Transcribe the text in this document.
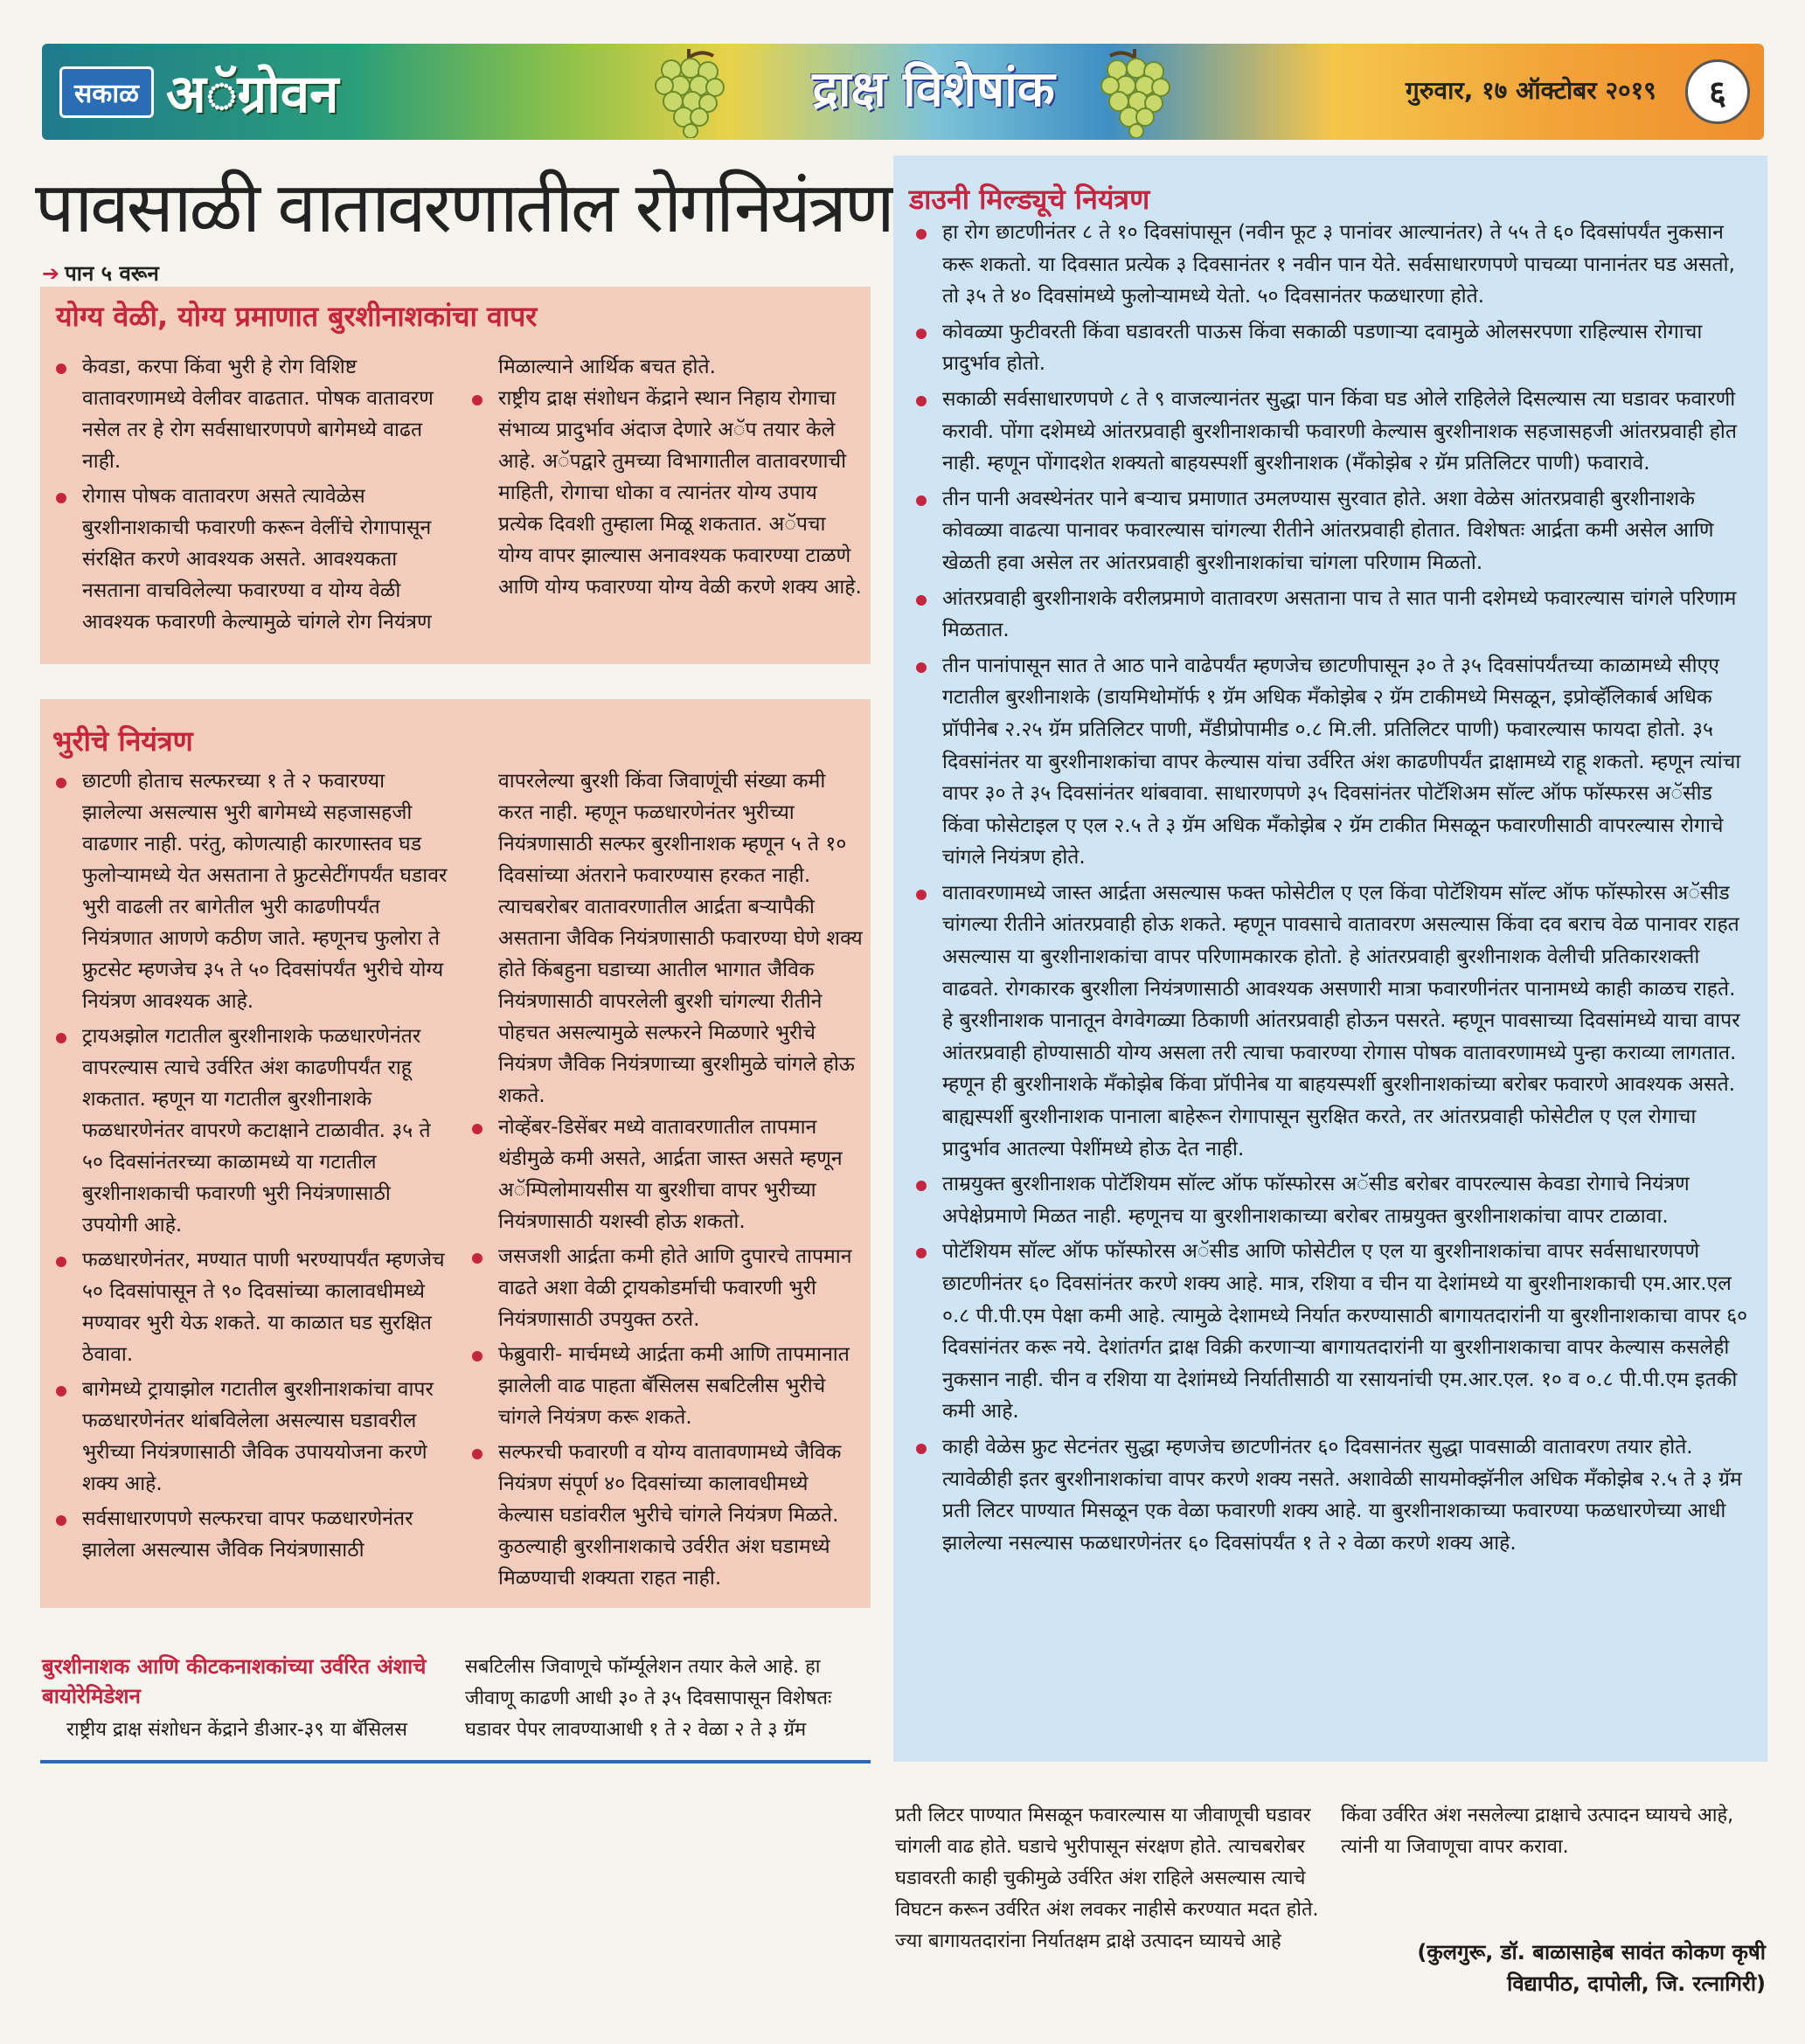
सकाळ अॅग्रोवन	द्राक्ष विशेषांक	गुरुवार, १७ ऑक्टोबर २०१९	६
पावसाळी वातावरणातील रोगनियंत्रण
➔ पान ५ वरून
योग्य वेळी, योग्य प्रमाणात बुरशीनाशकांचा वापर
केवडा, करपा किंवा भुरी हे रोग विशिष्ट वातावरणामध्ये वेलीवर वाढतात. पोषक वातावरण नसेल तर हे रोग सर्वसाधारणपणे बागेमध्ये वाढत नाही.
रोगास पोषक वातावरण असते त्यावेळेस बुरशीनाशकाची फवारणी करून वेलींचे रोगापासून संरक्षित करणे आवश्यक असते. आवश्यकता नसताना वाचविलेल्या फवारण्या व योग्य वेळी आवश्यक फवारणी केल्यामुळे चांगले रोग नियंत्रण

मिळाल्याने आर्थिक बचत होते.

राष्ट्रीय द्राक्ष संशोधन केंद्राने स्थान निहाय रोगाचा संभाव्य प्रादुर्भाव अंदाज देणारे अॅप तयार केले आहे. अॅपद्वारे तुमच्या विभागातील वातावरणाची माहिती, रोगाचा धोका व त्यानंतर योग्य उपाय प्रत्येक दिवशी तुम्हाला मिळू शकतात. अॅपचा योग्य वापर झाल्यास अनावश्यक फवारण्या टाळणे आणि योग्य फवारण्या योग्य वेळी करणे शक्य आहे.
भुरीचे नियंत्रण
छाटणी होताच सल्फरच्या १ ते २ फवारण्या झालेल्या असल्यास भुरी बागेमध्ये सहजासहजी वाढणार नाही. परंतु, कोणत्याही कारणास्तव घड फुलोऱ्यामध्ये येत असताना ते फ्रुटसेटींगपर्यंत घडावर भुरी वाढली तर बागेतील भुरी काढणीपर्यंत नियंत्रणात आणणे कठीण जाते. म्हणूनच फुलोरा ते फ्रुटसेट म्हणजेच ३५ ते ५० दिवसांपर्यंत भुरीचे योग्य नियंत्रण आवश्यक आहे.
ट्रायअझोल गटातील बुरशीनाशके फळधारणेनंतर वापरल्यास त्याचे उर्वरित अंश काढणीपर्यंत राहू शकतात. म्हणून या गटातील बुरशीनाशके फळधारणेनंतर वापरणे कटाक्षाने टाळावीत. ३५ ते ५० दिवसांनंतरच्या काळामध्ये या गटातील बुरशीनाशकाची फवारणी भुरी नियंत्रणासाठी उपयोगी आहे.
फळधारणेनंतर, मण्यात पाणी भरण्यापर्यंत म्हणजेच ५० दिवसांपासून ते ९० दिवसांच्या कालावधीमध्ये मण्यावर भुरी येऊ शकते. या काळात घड सुरक्षित ठेवावा.
बागेमध्ये ट्रायाझोल गटातील बुरशीनाशकांचा वापर फळधारणेनंतर थांबविलेला असल्यास घडावरील भुरीच्या नियंत्रणासाठी जैविक उपाययोजना करणे शक्य आहे.
सर्वसाधारणपणे सल्फरचा वापर फळधारणेनंतर झालेला असल्यास जैविक नियंत्रणासाठी

वापरलेल्या बुरशी किंवा जिवाणूंची संख्या कमी करत नाही. म्हणून फळधारणेनंतर भुरीच्या नियंत्रणासाठी सल्फर बुरशीनाशक म्हणून ५ ते १० दिवसांच्या अंतराने फवारण्यास हरकत नाही. त्याचबरोबर वातावरणातील आर्द्रता बऱ्यापैकी असताना जैविक नियंत्रणासाठी फवारण्या घेणे शक्य होते किंबहुना घडाच्या आतील भागात जैविक नियंत्रणासाठी वापरलेली बुरशी चांगल्या रीतीने पोहचत असल्यामुळे सल्फरने मिळणारे भुरीचे नियंत्रण जैविक नियंत्रणाच्या बुरशीमुळे चांगले होऊ शकते.

नोव्हेंबर-डिसेंबर मध्ये वातावरणातील तापमान थंडीमुळे कमी असते, आर्द्रता जास्त असते म्हणून अॅम्पिलोमायसीस या बुरशीचा वापर भुरीच्या नियंत्रणासाठी यशस्वी होऊ शकतो.
जसजशी आर्द्रता कमी होते आणि दुपारचे तापमान वाढते अशा वेळी ट्रायकोडर्माची फवारणी भुरी नियंत्रणासाठी उपयुक्त ठरते.
फेब्रुवारी- मार्चमध्ये आर्द्रता कमी आणि तापमानात झालेली वाढ पाहता बॅसिलस सबटिलीस भुरीचे चांगले नियंत्रण करू शकते.
सल्फरची फवारणी व योग्य वातावणामध्ये जैविक नियंत्रण संपूर्ण ४० दिवसांच्या कालावधीमध्ये केल्यास घडांवरील भुरीचे चांगले नियंत्रण मिळते. कुठल्याही बुरशीनाशकाचे उर्वरीत अंश घडामध्ये मिळण्याची शक्यता राहत नाही.
बुरशीनाशक आणि कीटकनाशकांच्या उर्वरित अंशाचे बायोरेमिडेशन
राष्ट्रीय द्राक्ष संशोधन केंद्राने डीआर-३९ या बॅसिलस
सबटिलीस जिवाणूचे फॉर्म्यूलेशन तयार केले आहे. हा जीवाणू काढणी आधी ३० ते ३५ दिवसापासून विशेषतः घडावर पेपर लावण्याआधी १ ते २ वेळा २ ते ३ ग्रॅम
प्रती लिटर पाण्यात मिसळून फवारल्यास या जीवाणूची घडावर चांगली वाढ होते. घडाचे भुरीपासून संरक्षण होते. त्याचबरोबर घडावरती काही चुकीमुळे उर्वरित अंश राहिले असल्यास त्याचे विघटन करून उर्वरित अंश लवकर नाहीसे करण्यात मदत होते. ज्या बागायतदारांना निर्यातक्षम द्राक्षे उत्पादन घ्यायचे आहे
किंवा उर्वरित अंश नसलेल्या द्राक्षाचे उत्पादन घ्यायचे आहे, त्यांनी या जिवाणूचा वापर करावा.
(कुलगुरू, डॉ. बाळासाहेब सावंत कोकण कृषी विद्यापीठ, दापोली, जि. रत्नागिरी)
डाउनी मिल्ड्यूचे नियंत्रण
हा रोग छाटणीनंतर ८ ते १० दिवसांपासून (नवीन फूट ३ पानांवर आल्यानंतर) ते ५५ ते ६० दिवसांपर्यंत नुकसान करू शकतो. या दिवसात प्रत्येक ३ दिवसानंतर १ नवीन पान येते. सर्वसाधारणपणे पाचव्या पानानंतर घड असतो, तो ३५ ते ४० दिवसांमध्ये फुलोऱ्यामध्ये येतो. ५० दिवसानंतर फळधारणा होते.
कोवळ्या फुटीवरती किंवा घडावरती पाऊस किंवा सकाळी पडणाऱ्या दवामुळे ओलसरपणा राहिल्यास रोगाचा प्रादुर्भाव होतो.
सकाळी सर्वसाधारणपणे ८ ते ९ वाजल्यानंतर सुद्धा पान किंवा घड ओले राहिलेले दिसल्यास त्या घडावर फवारणी करावी. पोंगा दशेमध्ये आंतरप्रवाही बुरशीनाशकाची फवारणी केल्यास बुरशीनाशक सहजासहजी आंतरप्रवाही होत नाही. म्हणून पोंगादशेत शक्यतो बाहयस्पर्शी बुरशीनाशक (मॅंकोझेब २ ग्रॅम प्रतिलिटर पाणी) फवारावे.
तीन पानी अवस्थेनंतर पाने बऱ्याच प्रमाणात उमलण्यास सुरवात होते. अशा वेळेस आंतरप्रवाही बुरशीनाशके कोवळ्या वाढत्या पानावर फवारल्यास चांगल्या रीतीने आंतरप्रवाही होतात. विशेषतः आर्द्रता कमी असेल आणि खेळती हवा असेल तर आंतरप्रवाही बुरशीनाशकांचा चांगला परिणाम मिळतो.
आंतरप्रवाही बुरशीनाशके वरीलप्रमाणे वातावरण असताना पाच ते सात पानी दशेमध्ये फवारल्यास चांगले परिणाम मिळतात.
तीन पानांपासून सात ते आठ पाने वाढेपर्यंत म्हणजेच छाटणीपासून ३० ते ३५ दिवसांपर्यंतच्या काळामध्ये सीएए गटातील बुरशीनाशके (डायमिथोमॉर्फ १ ग्रॅम अधिक मॅंकोझेब २ ग्रॅम टाकीमध्ये मिसळून, इप्रोव्हॅलिकार्ब अधिक प्रॉपीनेब २.२५ ग्रॅम प्रतिलिटर पाणी, मॅंडीप्रोपामीड ०.८ मि.ली. प्रतिलिटर पाणी) फवारल्यास फायदा होतो. ३५ दिवसांनंतर या बुरशीनाशकांचा वापर केल्यास यांचा उर्वरित अंश काढणीपर्यंत द्राक्षामध्ये राहू शकतो. म्हणून त्यांचा वापर ३० ते ३५ दिवसांनंतर थांबवावा. साधारणपणे ३५ दिवसांनंतर पोटॅशिअम सॉल्ट ऑफ फॉस्फरस अॅसीड किंवा फोसेटाइल ए एल २.५ ते ३ ग्रॅम अधिक मॅंकोझेब २ ग्रॅम टाकीत मिसळून फवारणीसाठी वापरल्यास रोगाचे चांगले नियंत्रण होते.
वातावरणामध्ये जास्त आर्द्रता असल्यास फक्त फोसेटील ए एल किंवा पोटॅशियम सॉल्ट ऑफ फॉस्फोरस अॅसीड चांगल्या रीतीने आंतरप्रवाही होऊ शकते. म्हणून पावसाचे वातावरण असल्यास किंवा दव बराच वेळ पानावर राहत असल्यास या बुरशीनाशकांचा वापर परिणामकारक होतो. हे आंतरप्रवाही बुरशीनाशक वेलीची प्रतिकारशक्ती वाढवते. रोगकारक बुरशीला नियंत्रणासाठी आवश्यक असणारी मात्रा फवारणीनंतर पानामध्ये काही काळच राहते. हे बुरशीनाशक पानातून वेगवेगळ्या ठिकाणी आंतरप्रवाही होऊन पसरते. म्हणून पावसाच्या दिवसांमध्ये याचा वापर आंतरप्रवाही होण्यासाठी योग्य असला तरी त्याचा फवारण्या रोगास पोषक वातावरणामध्ये पुन्हा कराव्या लागतात. म्हणून ही बुरशीनाशके मॅंकोझेब किंवा प्रॉपीनेब या बाहयस्पर्शी बुरशीनाशकांच्या बरोबर फवारणे आवश्यक असते. बाह्यस्पर्शी बुरशीनाशक पानाला बाहेरून रोगापासून सुरक्षित करते, तर आंतरप्रवाही फोसेटील ए एल रोगाचा प्रादुर्भाव आतल्या पेशींमध्ये होऊ देत नाही.
ताम्रयुक्त बुरशीनाशक पोटॅशियम सॉल्ट ऑफ फॉस्फोरस अॅसीड बरोबर वापरल्यास केवडा रोगाचे नियंत्रण अपेक्षेप्रमाणे मिळत नाही. म्हणूनच या बुरशीनाशकाच्या बरोबर ताम्रयुक्त बुरशीनाशकांचा वापर टाळावा.
पोटॅशियम सॉल्ट ऑफ फॉस्फोरस अॅसीड आणि फोसेटील ए एल या बुरशीनाशकांचा वापर सर्वसाधारणपणे छाटणीनंतर ६० दिवसांनंतर करणे शक्य आहे. मात्र, रशिया व चीन या देशांमध्ये या बुरशीनाशकाची एम.आर.एल ०.८ पी.पी.एम पेक्षा कमी आहे. त्यामुळे देशामध्ये निर्यात करण्यासाठी बागायतदारांनी या बुरशीनाशकाचा वापर ६० दिवसांनंतर करू नये. देशांतर्गत द्राक्ष विक्री करणाऱ्या बागायतदारांनी या बुरशीनाशकाचा वापर केल्यास कसलेही नुकसान नाही. चीन व रशिया या देशांमध्ये निर्यातीसाठी या रसायनांची एम.आर.एल. १० व ०.८ पी.पी.एम इतकी कमी आहे.
काही वेळेस फ्रुट सेटनंतर सुद्धा म्हणजेच छाटणीनंतर ६० दिवसानंतर सुद्धा पावसाळी वातावरण तयार होते. त्यावेळीही इतर बुरशीनाशकांचा वापर करणे शक्य नसते. अशावेळी सायमोक्झॅनील अधिक मॅंकोझेब २.५ ते ३ ग्रॅम प्रती लिटर पाण्यात मिसळून एक वेळा फवारणी शक्य आहे. या बुरशीनाशकाच्या फवारण्या फळधारणेच्या आधी झालेल्या नसल्यास फळधारणेनंतर ६० दिवसांपर्यंत १ ते २ वेळा करणे शक्य आहे.
